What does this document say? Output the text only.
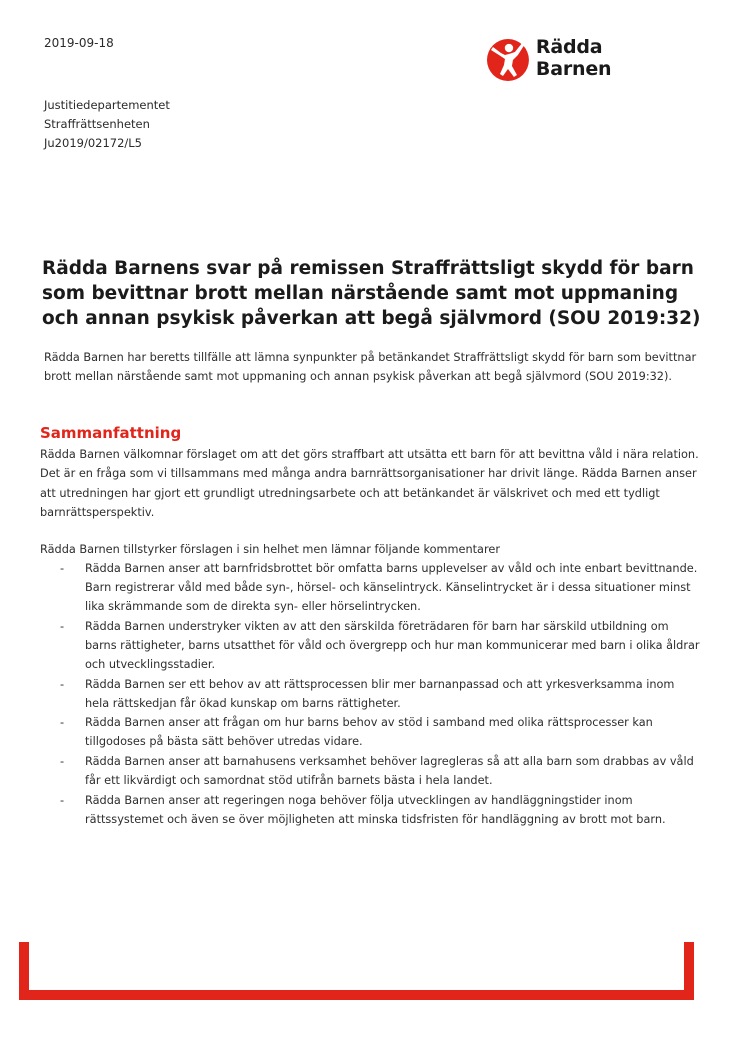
2019-09-18	Rädda Barnen
Justitiedepartementet
Straffrättsenheten
Ju2019/02172/L5
Rädda Barnens svar på remissen Straffrättsligt skydd för barn som bevittnar brott mellan närstående samt mot uppmaning och annan psykisk påverkan att begå självmord (SOU 2019:32)

Rädda Barnen har beretts tillfälle att lämna synpunkter på betänkandet Straffrättsligt skydd för barn som bevittnar brott mellan närstående samt mot uppmaning och annan psykisk påverkan att begå självmord (SOU 2019:32).

Sammanfattning

Rädda Barnen välkomnar förslaget om att det görs straffbart att utsätta ett barn för att bevittna våld i nära relation. Det är en fråga som vi tillsammans med många andra barnrättsorganisationer har drivit länge. Rädda Barnen anser att utredningen har gjort ett grundligt utredningsarbete och att betänkandet är välskrivet och med ett tydligt barnrättsperspektiv.

Rädda Barnen tillstyrker förslagen i sin helhet men lämnar följande kommentarer

-	Rädda Barnen anser att barnfridsbrottet bör omfatta barns upplevelser av våld och inte enbart bevittnande. Barn registrerar våld med både syn-, hörsel- och känselintryck. Känselintrycket är i dessa situationer minst lika skrämmande som de direkta syn- eller hörselintrycken.
-	Rädda Barnen understryker vikten av att den särskilda företrädaren för barn har särskild utbildning om barns rättigheter, barns utsatthet för våld och övergrepp och hur man kommunicerar med barn i olika åldrar och utvecklingsstadier.
-	Rädda Barnen ser ett behov av att rättsprocessen blir mer barnanpassad och att yrkesverksamma inom hela rättskedjan får ökad kunskap om barns rättigheter.
-	Rädda Barnen anser att frågan om hur barns behov av stöd i samband med olika rättsprocesser kan tillgodoses på bästa sätt behöver utredas vidare.
-	Rädda Barnen anser att barnahusens verksamhet behöver lagregleras så att alla barn som drabbas av våld får ett likvärdigt och samordnat stöd utifrån barnets bästa i hela landet.
-	Rädda Barnen anser att regeringen noga behöver följa utvecklingen av handläggningstider inom rättssystemet och även se över möjligheten att minska tidsfristen för handläggning av brott mot barn.
